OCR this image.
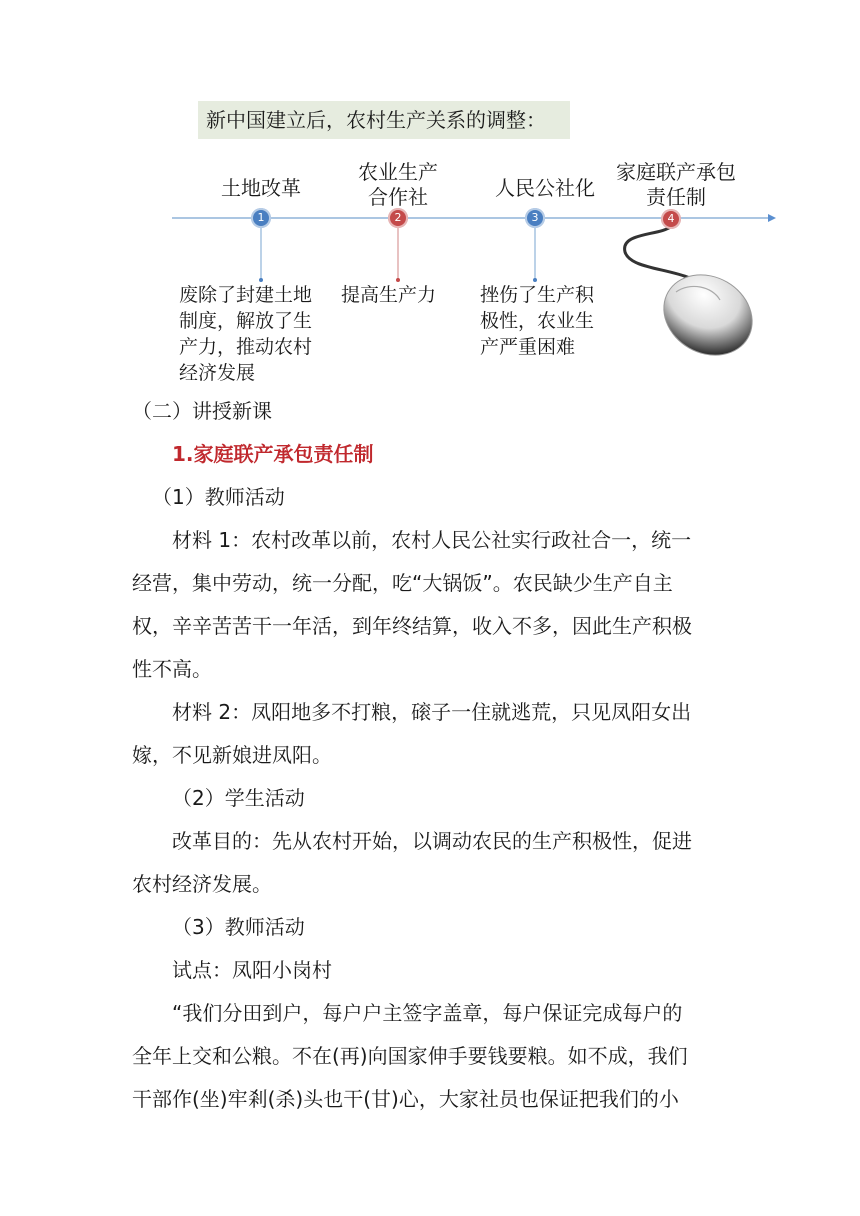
新中国建立后，农村生产关系的调整：
1	2	3	4
土地改革
农业生产
合作社	人民公社化
家庭联产承包
责任制
废除了封建土地
制度，解放了生
产力，推动农村
经济发展
提高生产力 挫伤了生产积
极性，农业生
产严重困难
（二）讲授新课
1.家庭联产承包责任制
（1）教师活动
材料 1：农村改革以前，农村人民公社实行政社合一，统一
经营，集中劳动，统一分配，吃“大锅饭”。农民缺少生产自主
权，辛辛苦苦干一年活，到年终结算，收入不多，因此生产积极
性不高。
材料 2：凤阳地多不打粮，磙子一住就逃荒，只见凤阳女出
嫁，不见新娘进凤阳。
（2）学生活动
改革目的：先从农村开始，以调动农民的生产积极性，促进
农村经济发展。
（3）教师活动
试点：凤阳小岗村
“我们分田到户，每户户主签字盖章，每户保证完成每户的
全年上交和公粮。不在(再)向国家伸手要钱要粮。如不成，我们
干部作(坐)牢剎(杀)头也干(甘)心，大家社员也保证把我们的小
